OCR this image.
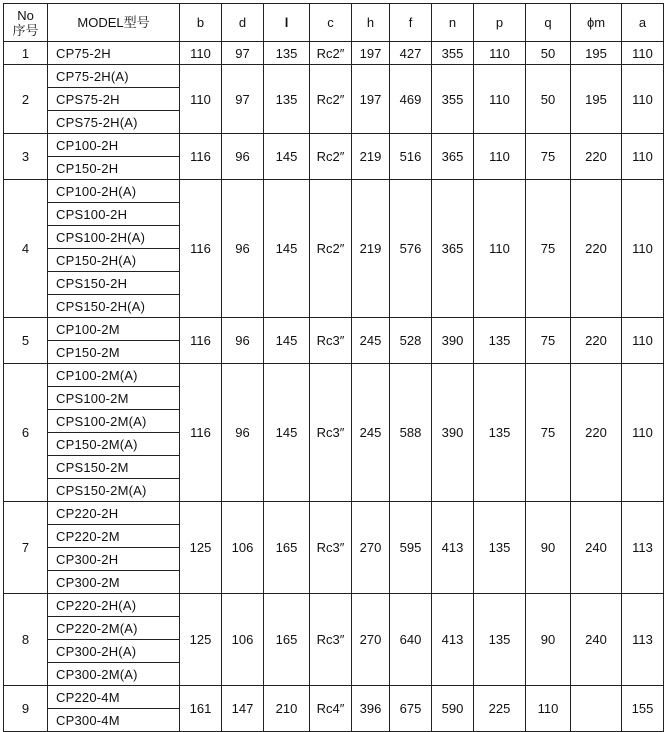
No
序号	MODEL型号	b	d	l	c	h	f	n	p	q	ϕm	a
1	CP75-2H	110	97	135	Rc2″	197	427	355	110	50	195	110
2	CP75-2H(A)	110	97	135	Rc2″	197	469	355	110	50	195	110
	CPS75-2H											
	CPS75-2H(A)											
3	CP100-2H	116	96	145	Rc2″	219	516	365	110	75	220	110
	CP150-2H											
4	CP100-2H(A)	116	96	145	Rc2″	219	576	365	110	75	220	110
	CPS100-2H											
	CPS100-2H(A)											
	CP150-2H(A)											
	CPS150-2H											
	CPS150-2H(A)											
5	CP100-2M	116	96	145	Rc3″	245	528	390	135	75	220	110
	CP150-2M											
6	CP100-2M(A)	116	96	145	Rc3″	245	588	390	135	75	220	110
	CPS100-2M											
	CPS100-2M(A)											
	CP150-2M(A)											
	CPS150-2M											
	CPS150-2M(A)											
7	CP220-2H	125	106	165	Rc3″	270	595	413	135	90	240	113
	CP220-2M											
	CP300-2H											
	CP300-2M											
8	CP220-2H(A)	125	106	165	Rc3″	270	640	413	135	90	240	113
	CP220-2M(A)											
	CP300-2H(A)											
	CP300-2M(A)											
9	CP220-4M	161	147	210	Rc4″	396	675	590	225	110		155
	CP300-4M											
